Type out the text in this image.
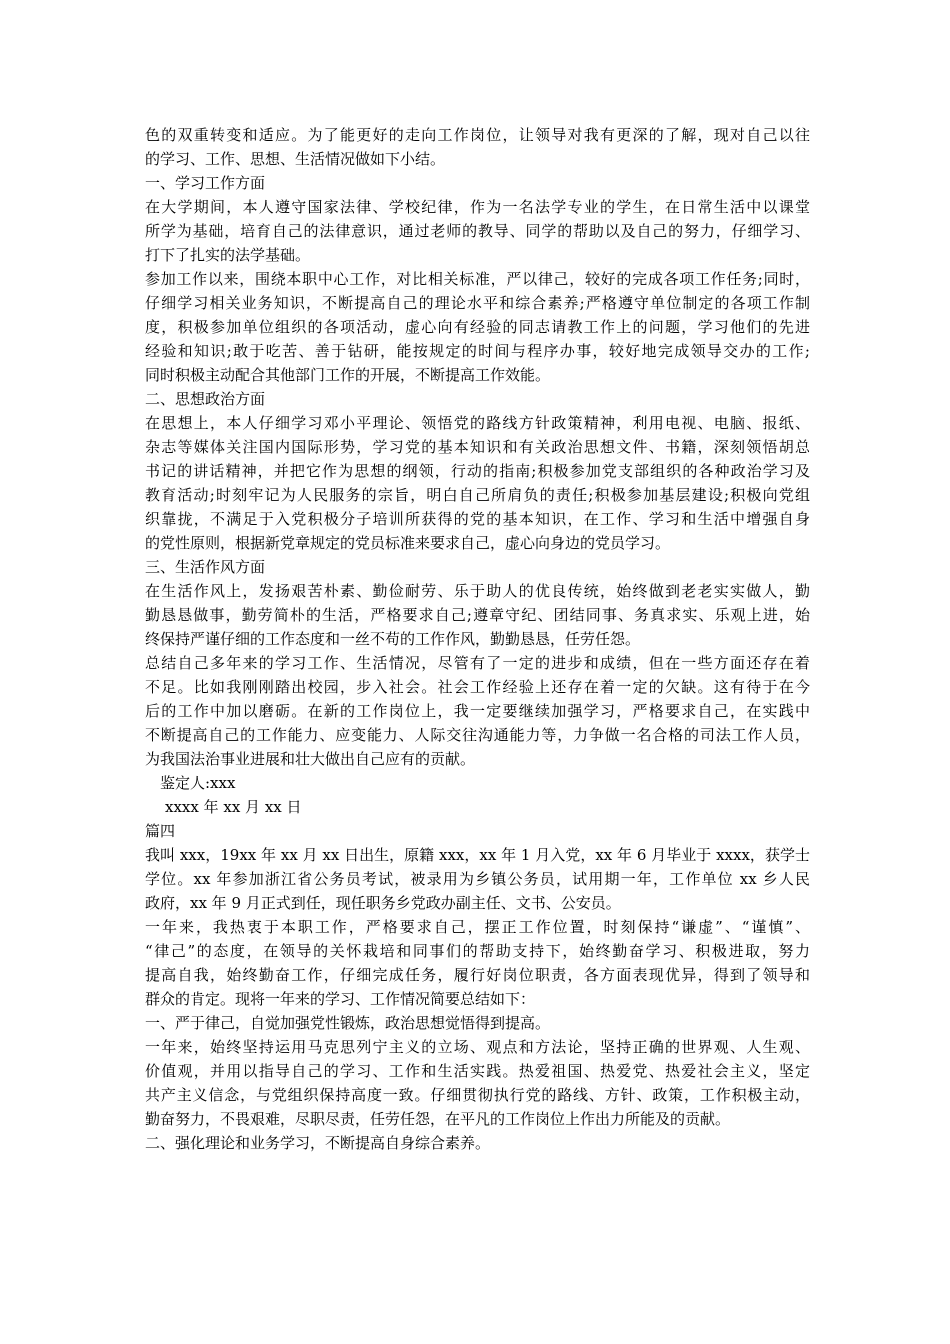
色的双重转变和适应。为了能更好的走向工作岗位，让领导对我有更深的了解，现对自己以往
的学习、工作、思想、生活情况做如下小结。
一、学习工作方面
在大学期间，本人遵守国家法律、学校纪律，作为一名法学专业的学生，在日常生活中以课堂
所学为基础，培育自己的法律意识，通过老师的教导、同学的帮助以及自己的努力，仔细学习、
打下了扎实的法学基础。
参加工作以来，围绕本职中心工作，对比相关标准，严以律己，较好的完成各项工作任务;同时，
仔细学习相关业务知识，不断提高自己的理论水平和综合素养;严格遵守单位制定的各项工作制
度，积极参加单位组织的各项活动，虚心向有经验的同志请教工作上的问题，学习他们的先进
经验和知识;敢于吃苦、善于钻研，能按规定的时间与程序办事，较好地完成领导交办的工作;
同时积极主动配合其他部门工作的开展，不断提高工作效能。
二、思想政治方面
在思想上，本人仔细学习邓小平理论、领悟党的路线方针政策精神，利用电视、电脑、报纸、
杂志等媒体关注国内国际形势，学习党的基本知识和有关政治思想文件、书籍，深刻领悟胡总
书记的讲话精神，并把它作为思想的纲领，行动的指南;积极参加党支部组织的各种政治学习及
教育活动;时刻牢记为人民服务的宗旨，明白自己所肩负的责任;积极参加基层建设;积极向党组
织靠拢，不满足于入党积极分子培训所获得的党的基本知识，在工作、学习和生活中增强自身
的党性原则，根据新党章规定的党员标准来要求自己，虚心向身边的党员学习。
三、生活作风方面
在生活作风上，发扬艰苦朴素、勤俭耐劳、乐于助人的优良传统，始终做到老老实实做人，勤
勤恳恳做事，勤劳简朴的生活，严格要求自己;遵章守纪、团结同事、务真求实、乐观上进，始
终保持严谨仔细的工作态度和一丝不苟的工作作风，勤勤恳恳，任劳任怨。
总结自己多年来的学习工作、生活情况，尽管有了一定的进步和成绩，但在一些方面还存在着
不足。比如我刚刚踏出校园，步入社会。社会工作经验上还存在着一定的欠缺。这有待于在今
后的工作中加以磨砺。在新的工作岗位上，我一定要继续加强学习，严格要求自己，在实践中
不断提高自己的工作能力、应变能力、人际交往沟通能力等，力争做一名合格的司法工作人员，
为我国法治事业进展和壮大做出自己应有的贡献。
鉴定人:xxx
xxxx 年 xx 月 xx 日
篇四
我叫 xxx，19xx 年 xx 月 xx 日出生，原籍 xxx，xx 年 1 月入党，xx 年 6 月毕业于 xxxx，获学士
学位。xx 年参加浙江省公务员考试，被录用为乡镇公务员，试用期一年，工作单位 xx 乡人民
政府，xx 年 9 月正式到任，现任职务乡党政办副主任、文书、公安员。
一年来，我热衷于本职工作，严格要求自己，摆正工作位置，时刻保持“谦虚”、“谨慎”、
“律己”的态度，在领导的关怀栽培和同事们的帮助支持下，始终勤奋学习、积极进取，努力
提高自我，始终勤奋工作，仔细完成任务，履行好岗位职责，各方面表现优异，得到了领导和
群众的肯定。现将一年来的学习、工作情况简要总结如下：
一、严于律己，自觉加强党性锻炼，政治思想觉悟得到提高。
一年来，始终坚持运用马克思列宁主义的立场、观点和方法论，坚持正确的世界观、人生观、
价值观，并用以指导自己的学习、工作和生活实践。热爱祖国、热爱党、热爱社会主义，坚定
共产主义信念，与党组织保持高度一致。仔细贯彻执行党的路线、方针、政策，工作积极主动，
勤奋努力，不畏艰难，尽职尽责，任劳任怨，在平凡的工作岗位上作出力所能及的贡献。
二、强化理论和业务学习，不断提高自身综合素养。
